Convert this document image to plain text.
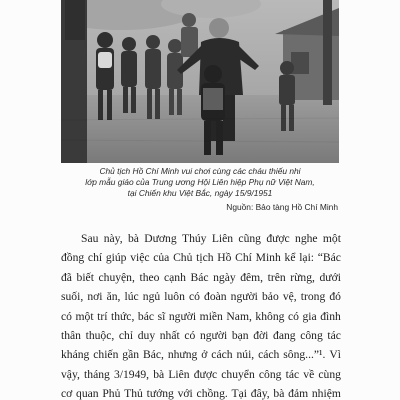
Chủ tịch Hồ Chí Minh vui chơi cùng các cháu thiếu nhi
lớp mẫu giáo của Trung ương Hội Liên hiệp Phụ nữ Việt Nam,
tại Chiến khu Việt Bắc, ngày 15/9/1951
Nguồn: Bảo tàng Hồ Chí Minh
Sau này, bà Dương Thúy Liên cũng được nghe một
đồng chí giúp việc của Chủ tịch Hồ Chí Minh kể lại: “Bác
đã biết chuyện, theo cạnh Bác ngày đêm, trên rừng, dưới
suối, nơi ăn, lúc ngủ luôn có đoàn người bảo vệ, trong đó
có một trí thức, bác sĩ người miền Nam, không có gia đình
thân thuộc, chỉ duy nhất có người bạn đời đang công tác
kháng chiến gần Bác, nhưng ở cách núi, cách sông...”¹. Vì
vậy, tháng 3/1949, bà Liên được chuyển công tác về cùng
cơ quan Phủ Thủ tướng với chồng. Tại đây, bà đảm nhiệm
